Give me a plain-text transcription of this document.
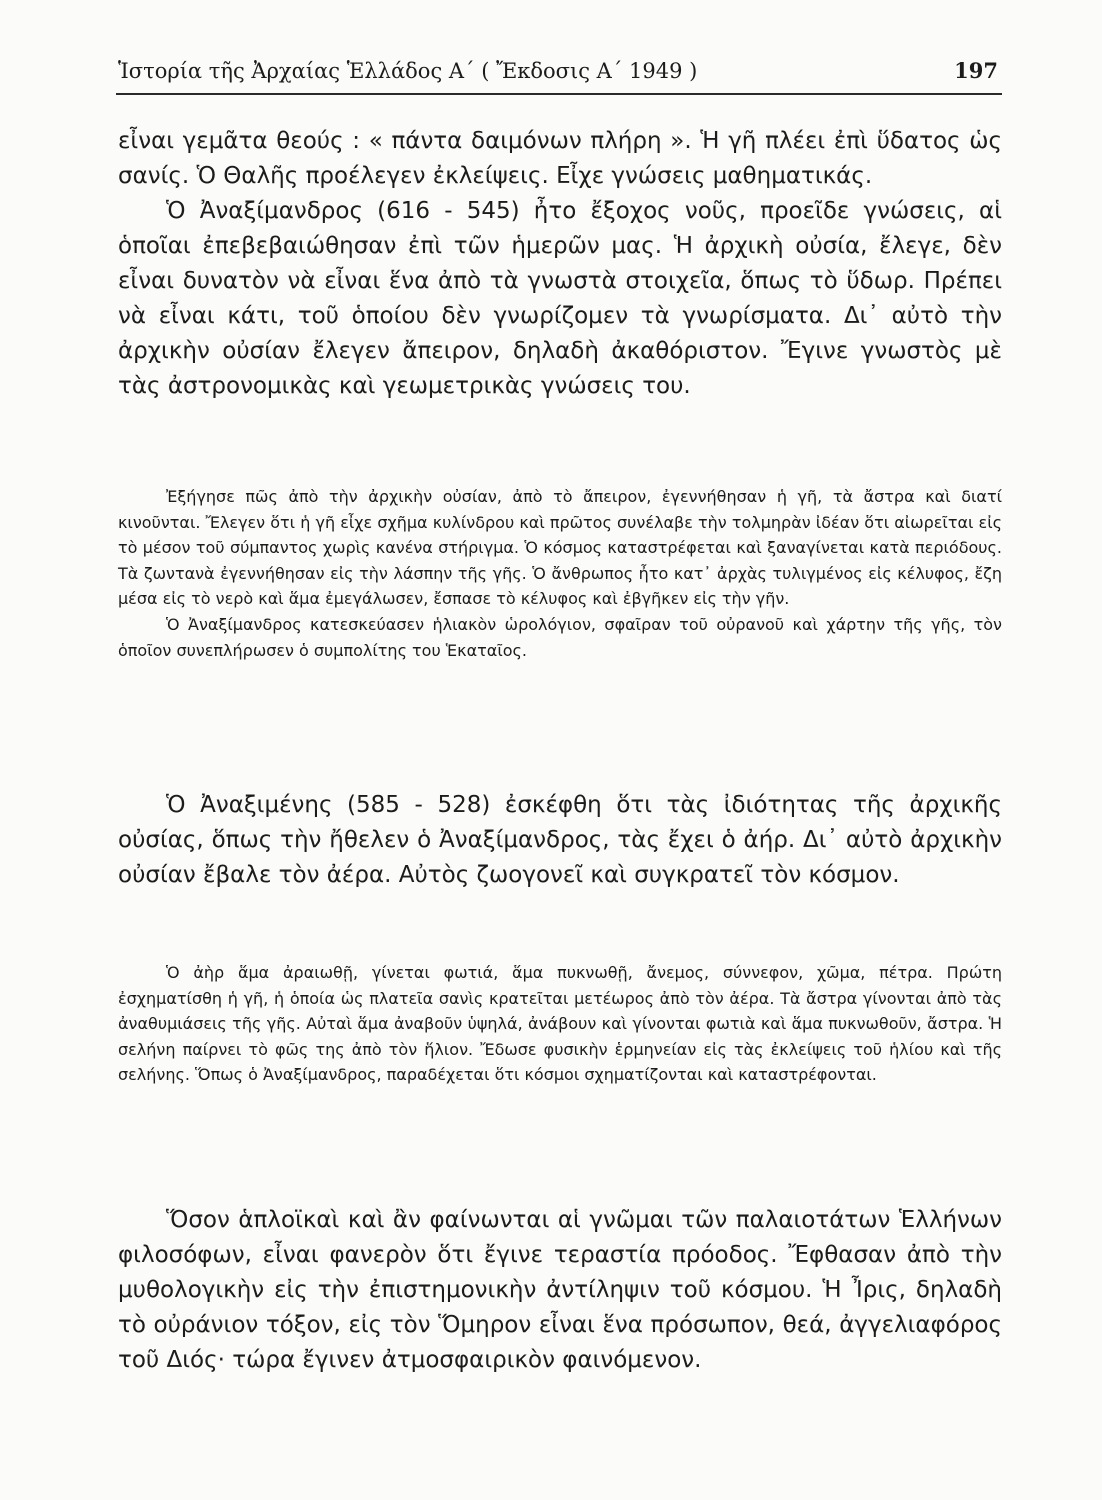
Ἱστορία τῆς Ἀρχαίας Ἑλλάδος Α΄ ( Ἔκδοσις Α΄ 1949 )	197

εἶναι γεμᾶτα θεούς : « πάντα δαιμόνων πλήρη ». Ἡ γῆ πλέει ἐπὶ ὕδατος ὡς σανίς. Ὁ Θαλῆς προέλεγεν ἐκλείψεις. Εἶχε γνώσεις μαθηματικάς.

Ὁ Ἀναξίμανδρος (616 - 545) ἦτο ἔξοχος νοῦς, προεῖδε γνώσεις, αἱ ὁποῖαι ἐπεβεβαιώθησαν ἐπὶ τῶν ἡμερῶν μας. Ἡ ἀρχικὴ οὐσία, ἔλεγε, δὲν εἶναι δυνατὸν νὰ εἶναι ἕνα ἀπὸ τὰ γνωστὰ στοιχεῖα, ὅπως τὸ ὕδωρ. Πρέπει νὰ εἶναι κάτι, τοῦ ὁποίου δὲν γνωρίζομεν τὰ γνωρίσματα. Δι᾽ αὐτὸ τὴν ἀρχικὴν οὐσίαν ἔλεγεν ἄπειρον, δηλαδὴ ἀκαθόριστον. Ἔγινε γνωστὸς μὲ τὰς ἀστρονομικὰς καὶ γεωμετρικὰς γνώσεις του.

Ἐξήγησε πῶς ἀπὸ τὴν ἀρχικὴν οὐσίαν, ἀπὸ τὸ ἄπειρον, ἐγεννήθησαν ἡ γῆ, τὰ ἄστρα καὶ διατί κινοῦνται. Ἔλεγεν ὅτι ἡ γῆ εἶχε σχῆμα κυλίνδρου καὶ πρῶτος συνέλαβε τὴν τολμηρὰν ἰδέαν ὅτι αἰωρεῖται εἰς τὸ μέσον τοῦ σύμπαντος χωρὶς κανένα στήριγμα. Ὁ κόσμος καταστρέφεται καὶ ξαναγίνεται κατὰ περιόδους. Τὰ ζωντανὰ ἐγεννήθησαν εἰς τὴν λάσπην τῆς γῆς. Ὁ ἄνθρωπος ἦτο κατ᾽ ἀρχὰς τυλιγμένος εἰς κέλυφος, ἔζη μέσα εἰς τὸ νερὸ καὶ ἅμα ἐμεγάλωσεν, ἔσπασε τὸ κέλυφος καὶ ἐβγῆκεν εἰς τὴν γῆν.

Ὁ Ἀναξίμανδρος κατεσκεύασεν ἡλιακὸν ὡρολόγιον, σφαῖραν τοῦ οὐρανοῦ καὶ χάρτην τῆς γῆς, τὸν ὁποῖον συνεπλήρωσεν ὁ συμπολίτης του Ἑκαταῖος.

Ὁ Ἀναξιμένης (585 - 528) ἐσκέφθη ὅτι τὰς ἰδιότητας τῆς ἀρχικῆς οὐσίας, ὅπως τὴν ἤθελεν ὁ Ἀναξίμανδρος, τὰς ἔχει ὁ ἀήρ. Δι᾽ αὐτὸ ἀρχικὴν οὐσίαν ἔβαλε τὸν ἀέρα. Αὐτὸς ζωογονεῖ καὶ συγκρατεῖ τὸν κόσμον.

Ὁ ἀὴρ ἅμα ἀραιωθῇ, γίνεται φωτιά, ἅμα πυκνωθῇ, ἄνεμος, σύννεφον, χῶμα, πέτρα. Πρώτη ἐσχηματίσθη ἡ γῆ, ἡ ὁποία ὡς πλατεῖα σανὶς κρατεῖται μετέωρος ἀπὸ τὸν ἀέρα. Τὰ ἄστρα γίνονται ἀπὸ τὰς ἀναθυμιάσεις τῆς γῆς. Αὐταὶ ἅμα ἀναβοῦν ὑψηλά, ἀνάβουν καὶ γίνονται φωτιὰ καὶ ἅμα πυκνωθοῦν, ἄστρα. Ἡ σελήνη παίρνει τὸ φῶς της ἀπὸ τὸν ἥλιον. Ἔδωσε φυσικὴν ἑρμηνείαν εἰς τὰς ἐκλείψεις τοῦ ἡλίου καὶ τῆς σελήνης. Ὅπως ὁ Ἀναξίμανδρος, παραδέχεται ὅτι κόσμοι σχηματίζονται καὶ καταστρέφονται.

Ὅσον ἁπλοϊκαὶ καὶ ἂν φαίνωνται αἱ γνῶμαι τῶν παλαιοτάτων Ἑλλήνων φιλοσόφων, εἶναι φανερὸν ὅτι ἔγινε τεραστία πρόοδος. Ἔφθασαν ἀπὸ τὴν μυθολογικὴν εἰς τὴν ἐπιστημονικὴν ἀντίληψιν τοῦ κόσμου. Ἡ Ἶρις, δηλαδὴ τὸ οὐράνιον τόξον, εἰς τὸν Ὅμηρον εἶναι ἕνα πρόσωπον, θεά, ἀγγελιαφόρος τοῦ Διός· τώρα ἔγινεν ἀτμοσφαιρικὸν φαινόμενον.
